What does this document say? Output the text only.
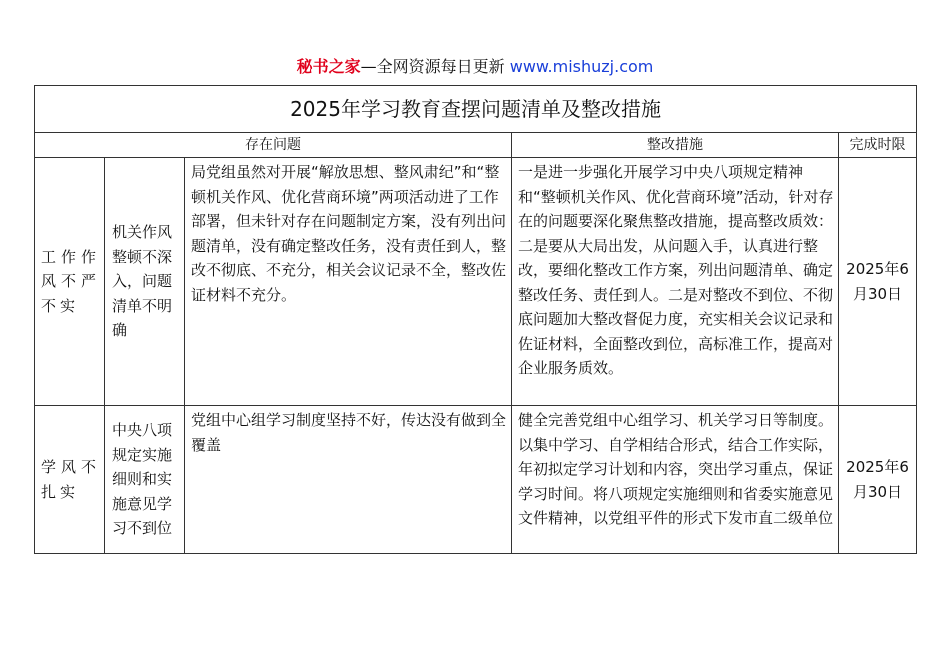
秘书之家—全网资源每日更新 www.mishuzj.com
2025年学习教育查摆问题清单及整改措施				
存在问题			整改措施	完成时限
工作作风不严不实	机关作风整顿不深入，问题清单不明确	局党组虽然对开展“解放思想、整风肃纪”和“整顿机关作风、优化营商环境”两项活动进了工作部署，但未针对存在问题制定方案，没有列出问题清单，没有确定整改任务，没有责任到人，整改不彻底、不充分，相关会议记录不全，整改佐证材料不充分。	一是进一步强化开展学习中央八项规定精神和“整顿机关作风、优化营商环境”活动，针对存在的问题要深化聚焦整改措施，提高整改质效：二是要从大局出发，从问题入手，认真进行整改，要细化整改工作方案，列出问题清单、确定整改任务、责任到人。二是对整改不到位、不彻底问题加大整改督促力度，充实相关会议记录和佐证材料，全面整改到位，高标准工作，提高对企业服务质效。	2025年6月30日
学风不扎实	中央八项规定实施细则和实施意见学习不到位	党组中心组学习制度坚持不好，传达没有做到全覆盖	健全完善党组中心组学习、机关学习日等制度。以集中学习、自学相结合形式，结合工作实际，年初拟定学习计划和内容，突出学习重点，保证学习时间。将八项规定实施细则和省委实施意见文件精神，以党组平件的形式下发市直二级单位	2025年6月30日
